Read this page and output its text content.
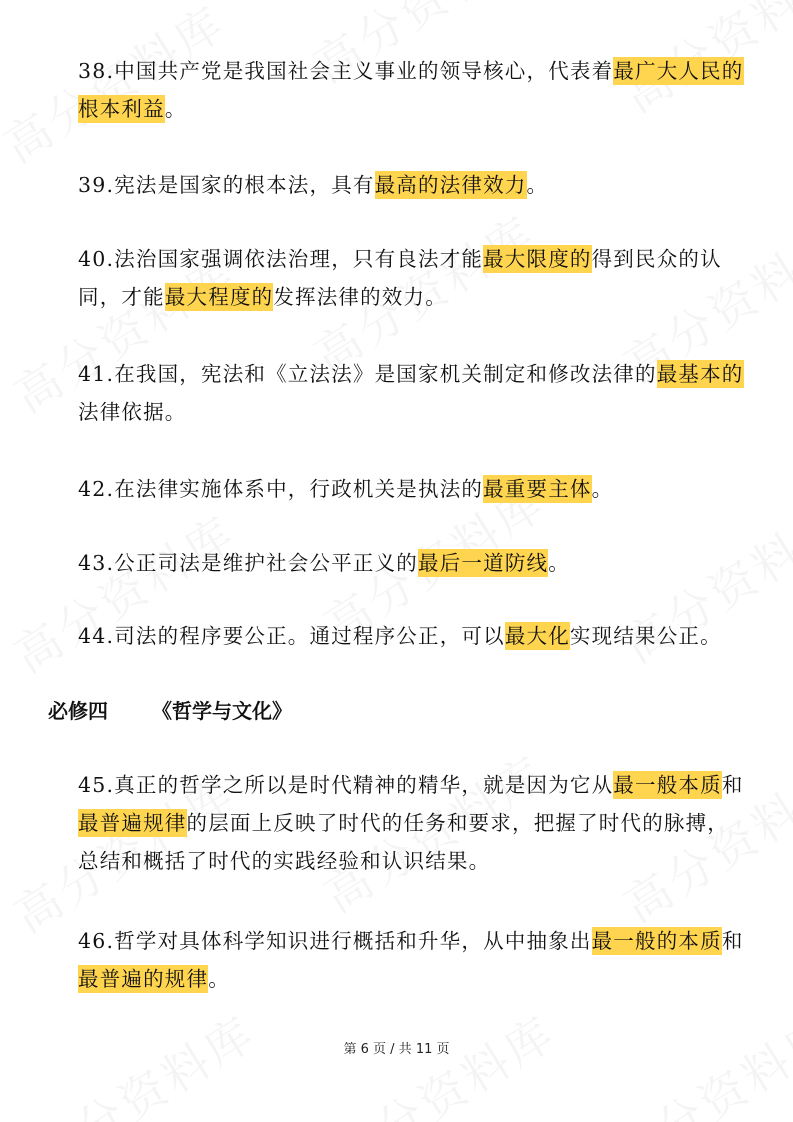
38.中国共产党是我国社会主义事业的领导核心，代表着最广大人民的根本利益。

39.宪法是国家的根本法，具有最高的法律效力。

40.法治国家强调依法治理，只有良法才能最大限度的得到民众的认同，才能最大程度的发挥法律的效力。

41.在我国，宪法和《立法法》是国家机关制定和修改法律的最基本的法律依据。

42.在法律实施体系中，行政机关是执法的最重要主体。

43.公正司法是维护社会公平正义的最后一道防线。

44.司法的程序要公正。通过程序公正，可以最大化实现结果公正。

必修四 《哲学与文化》

45.真正的哲学之所以是时代精神的精华，就是因为它从最一般本质和最普遍规律的层面上反映了时代的任务和要求，把握了时代的脉搏，总结和概括了时代的实践经验和认识结果。

46.哲学对具体科学知识进行概括和升华，从中抽象出最一般的本质和最普遍的规律。

第 6 页 / 共 11 页
